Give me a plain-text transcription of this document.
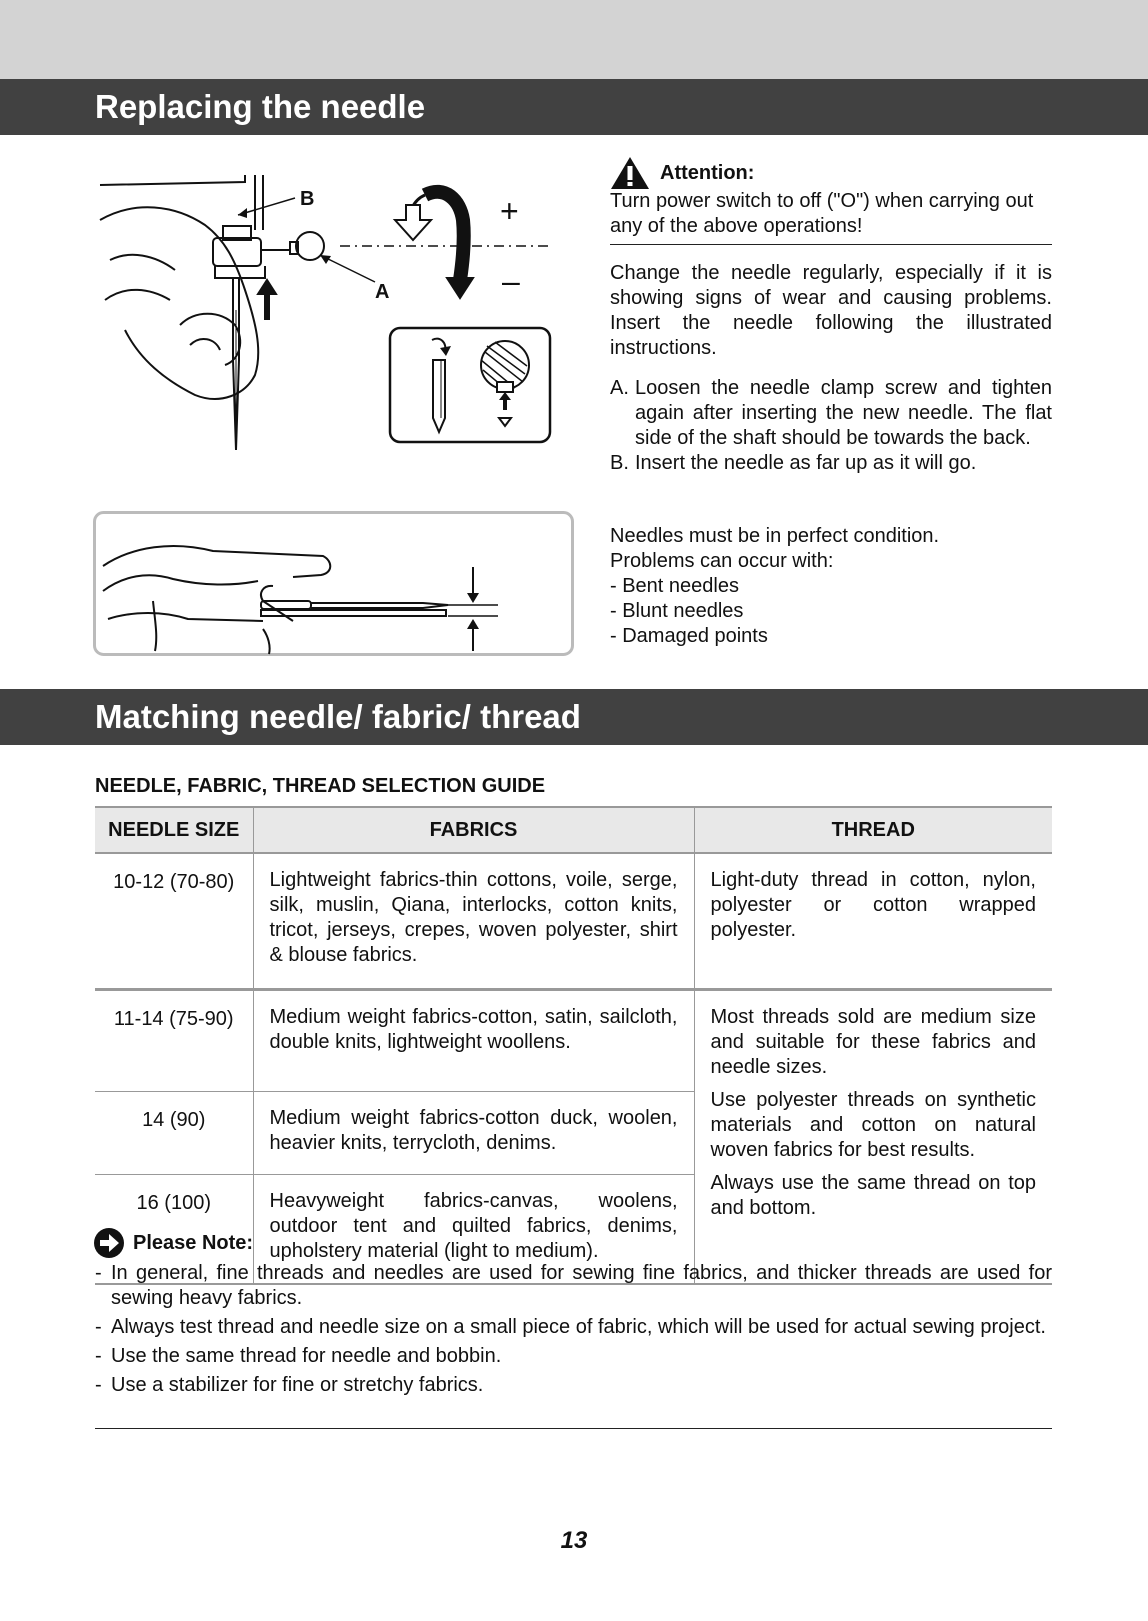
Replacing the needle
B
A
+
–
Attention:
Turn power switch to off ("O") when carrying out any of the above operations!
Change the needle regularly, especially if it is showing signs of wear and causing problems. Insert the needle following the illustrated instructions.
A. Loosen the needle clamp screw and tighten again after inserting the new needle. The flat side of the shaft should be towards the back.
B. Insert the needle as far up as it will go.
Needles must be in perfect condition.
Problems can occur with:
- Bent needles
- Blunt needles
- Damaged points
Matching needle/ fabric/ thread
NEEDLE, FABRIC, THREAD SELECTION GUIDE
NEEDLE SIZE	FABRICS	THREAD
10-12 (70-80)	Lightweight fabrics-thin cottons, voile, serge, silk, muslin, Qiana, interlocks, cotton knits, tricot, jerseys, crepes, woven polyester, shirt & blouse fabrics.	Light-duty thread in cotton, nylon, polyester or cotton wrapped polyester.
11-14 (75-90)	Medium weight fabrics-cotton, satin, sailcloth, double knits, lightweight woollens.	Most threads sold are medium size and suitable for these fabrics and needle sizes.

Use polyester threads on synthetic materials and cotton on natural woven fabrics for best results.

Always use the same thread on top and bottom.

14 (90)	Medium weight fabrics-cotton duck, woolen, heavier knits, terrycloth, denims.	
16 (100)	Heavyweight fabrics-canvas, woolens, outdoor tent and quilted fabrics, denims, upholstery material (light to medium).	
Please Note:
- In general, fine threads and needles are used for sewing fine fabrics, and thicker threads are used for sewing heavy fabrics.
- Always test thread and needle size on a small piece of fabric, which will be used for actual sewing project.
- Use the same thread for needle and bobbin.
- Use a stabilizer for fine or stretchy fabrics.
13
